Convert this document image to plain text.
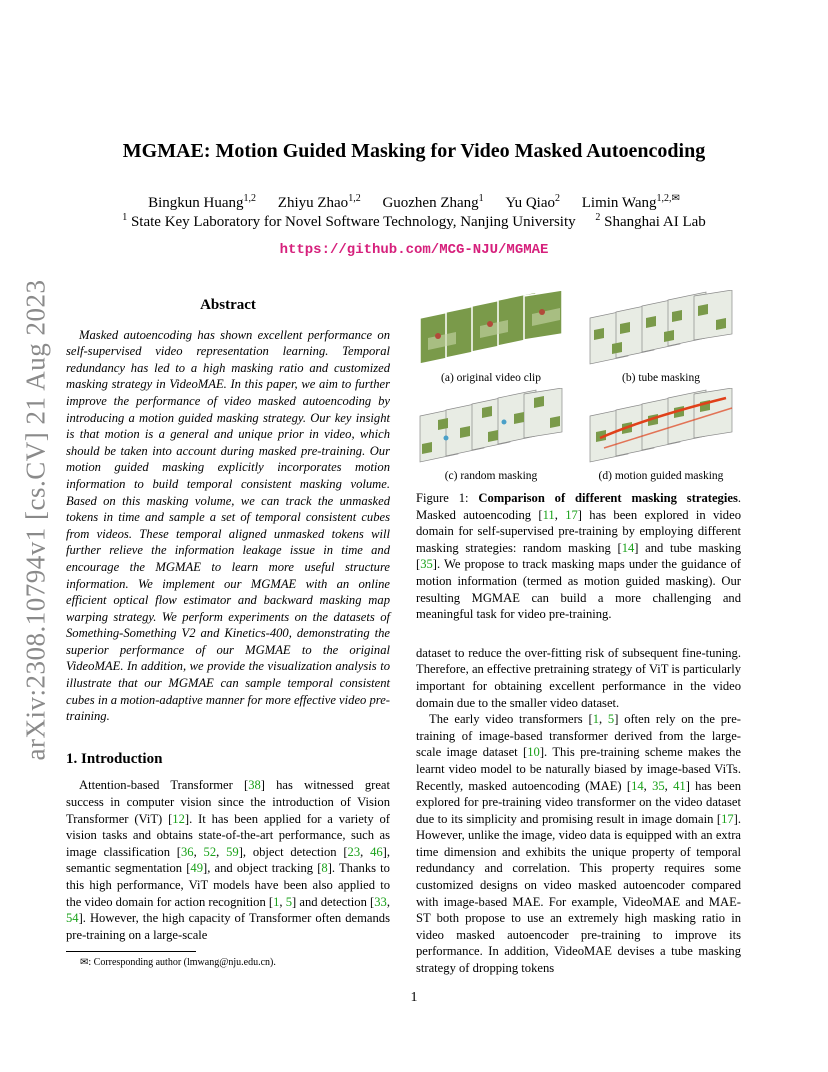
MGMAE: Motion Guided Masking for Video Masked Autoencoding
Bingkun Huang$^{1,2}$ Zhiyu Zhao$^{1,2}$ Guozhen Zhang$^1$ Yu Qiao$^2$ Limin Wang$^{1,2,✉}$
$^1$ State Key Laboratory for Novel Software Technology, Nanjing University $^2$ Shanghai AI Lab
https://github.com/MCG-NJU/MGMAE
arXiv:2308.10794v1 [cs.CV] 21 Aug 2023	Abstract

Masked autoencoding has shown excellent performance on self-supervised video representation learning. Temporal redundancy has led to a high masking ratio and customized masking strategy in VideoMAE. In this paper, we aim to further improve the performance of video masked autoencoding by introducing a motion guided masking strategy. Our key insight is that motion is a general and unique prior in video, which should be taken into account during masked pre-training. Our motion guided masking explicitly incorporates motion information to build temporal consistent masking volume. Based on this masking volume, we can track the unmasked tokens in time and sample a set of temporal consistent cubes from videos. These temporal aligned unmasked tokens will further relieve the information leakage issue in time and encourage the MGMAE to learn more useful structure information. We implement our MGMAE with an online efficient optical flow estimator and backward masking map warping strategy. We perform experiments on the datasets of Something-Something V2 and Kinetics-400, demonstrating the superior performance of our MGMAE to the original VideoMAE. In addition, we provide the visualization analysis to illustrate that our MGMAE can sample temporal consistent cubes in a motion-adaptive manner for more effective video pre-training.

1. Introduction

Attention-based Transformer [38] has witnessed great success in computer vision since the introduction of Vision Transformer (ViT) [12]. It has been applied for a variety of vision tasks and obtains state-of-the-art performance, such as image classification [36, 52, 59], object detection [23, 46], semantic segmentation [49], and object tracking [8]. Thanks to this high performance, ViT models have been also applied to the video domain for action recognition [1, 5] and detection [33, 54]. However, the high capacity of Transformer often demands pre-training on a large-scale

✉: Corresponding author (lmwang@nju.edu.cn).
(a) original video clip	(b) tube masking
(c) random masking	(d) motion guided masking

Figure 1: Comparison of different masking strategies. Masked autoencoding [11, 17] has been explored in video domain for self-supervised pre-training by employing different masking strategies: random masking [14] and tube masking [35]. We propose to track masking maps under the guidance of motion information (termed as motion guided masking). Our resulting MGMAE can build a more challenging and meaningful task for video pre-training.

dataset to reduce the over-fitting risk of subsequent fine-tuning. Therefore, an effective pretraining strategy of ViT is particularly important for obtaining excellent performance in the video domain due to the smaller video dataset.

The early video transformers [1, 5] often rely on the pre-training of image-based transformer derived from the large-scale image dataset [10]. This pre-training scheme makes the learnt video model to be naturally biased by image-based ViTs. Recently, masked autoencoding (MAE) [14, 35, 41] has been explored for pre-training video transformer on the video dataset due to its simplicity and promising result in image domain [17]. However, unlike the image, video data is equipped with an extra time dimension and exhibits the unique property of temporal redundancy and correlation. This property requires some customized designs on video masked autoencoder compared with image-based MAE. For example, VideoMAE and MAE-ST both propose to use an extremely high masking ratio in video masked autoencoder pre-training to improve its performance. In addition, VideoMAE devises a tube masking strategy of dropping tokens

1
